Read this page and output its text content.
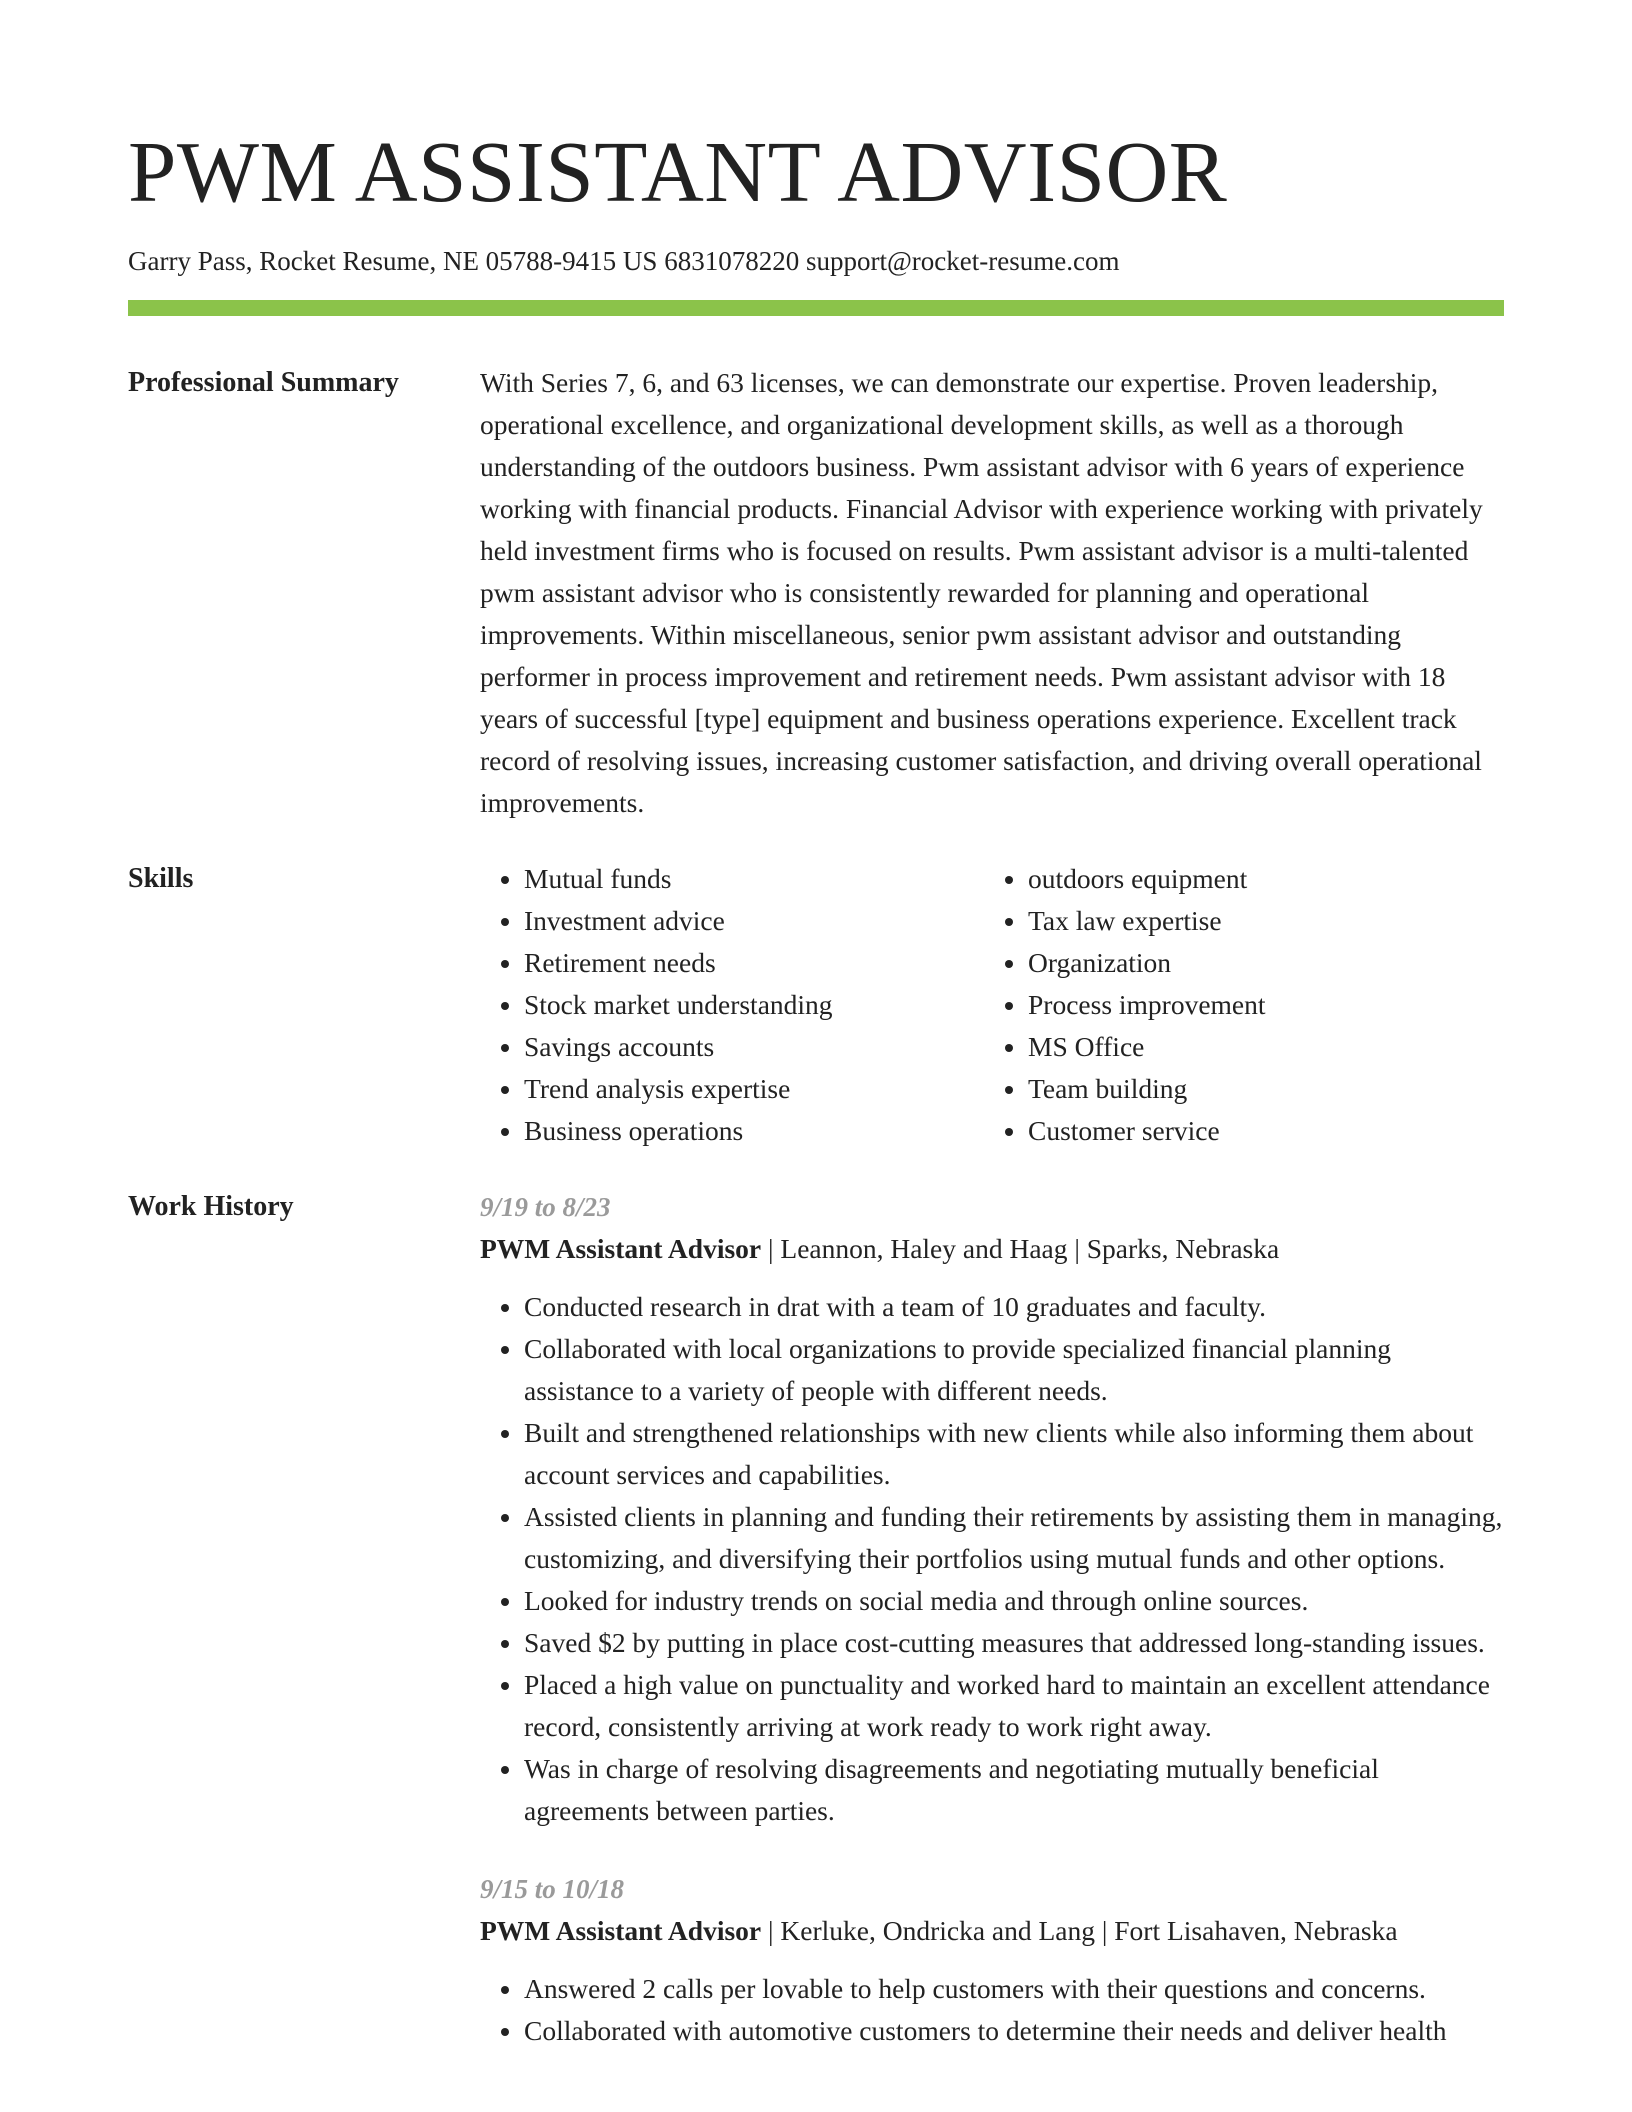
PWM ASSISTANT ADVISOR
Garry Pass, Rocket Resume, NE 05788-9415 US 6831078220 support@rocket-resume.com
Professional Summary	With Series 7, 6, and 63 licenses, we can demonstrate our expertise. Proven leadership, operational excellence, and organizational development skills, as well as a thorough understanding of the outdoors business. Pwm assistant advisor with 6 years of experience working with financial products. Financial Advisor with experience working with privately held investment firms who is focused on results. Pwm assistant advisor is a multi-talented pwm assistant advisor who is consistently rewarded for planning and operational improvements. Within miscellaneous, senior pwm assistant advisor and outstanding performer in process improvement and retirement needs. Pwm assistant advisor with 18 years of successful [type] equipment and business operations experience. Excellent track record of resolving issues, increasing customer satisfaction, and driving overall operational improvements.

Skills
•	Mutual funds
• Investment advice
• Retirement needs
• Stock market understanding
• Savings accounts
• Trend analysis expertise
• Business operations
• outdoors equipment
• Tax law expertise
• Organization
• Process improvement
• MS Office
• Team building
• Customer service
Work History	9/19 to 8/23
PWM Assistant Advisor | Leannon, Haley and Haag | Sparks, Nebraska
• Conducted research in drat with a team of 10 graduates and faculty.
• Collaborated with local organizations to provide specialized financial planning assistance to a variety of people with different needs.
• Built and strengthened relationships with new clients while also informing them about account services and capabilities.
• Assisted clients in planning and funding their retirements by assisting them in managing, customizing, and diversifying their portfolios using mutual funds and other options.
• Looked for industry trends on social media and through online sources.
• Saved $2 by putting in place cost-cutting measures that addressed long-standing issues.
• Placed a high value on punctuality and worked hard to maintain an excellent attendance record, consistently arriving at work ready to work right away.
• Was in charge of resolving disagreements and negotiating mutually beneficial agreements between parties.
9/15 to 10/18
PWM Assistant Advisor | Kerluke, Ondricka and Lang | Fort Lisahaven, Nebraska
• Answered 2 calls per lovable to help customers with their questions and concerns.
• Collaborated with automotive customers to determine their needs and deliver health
